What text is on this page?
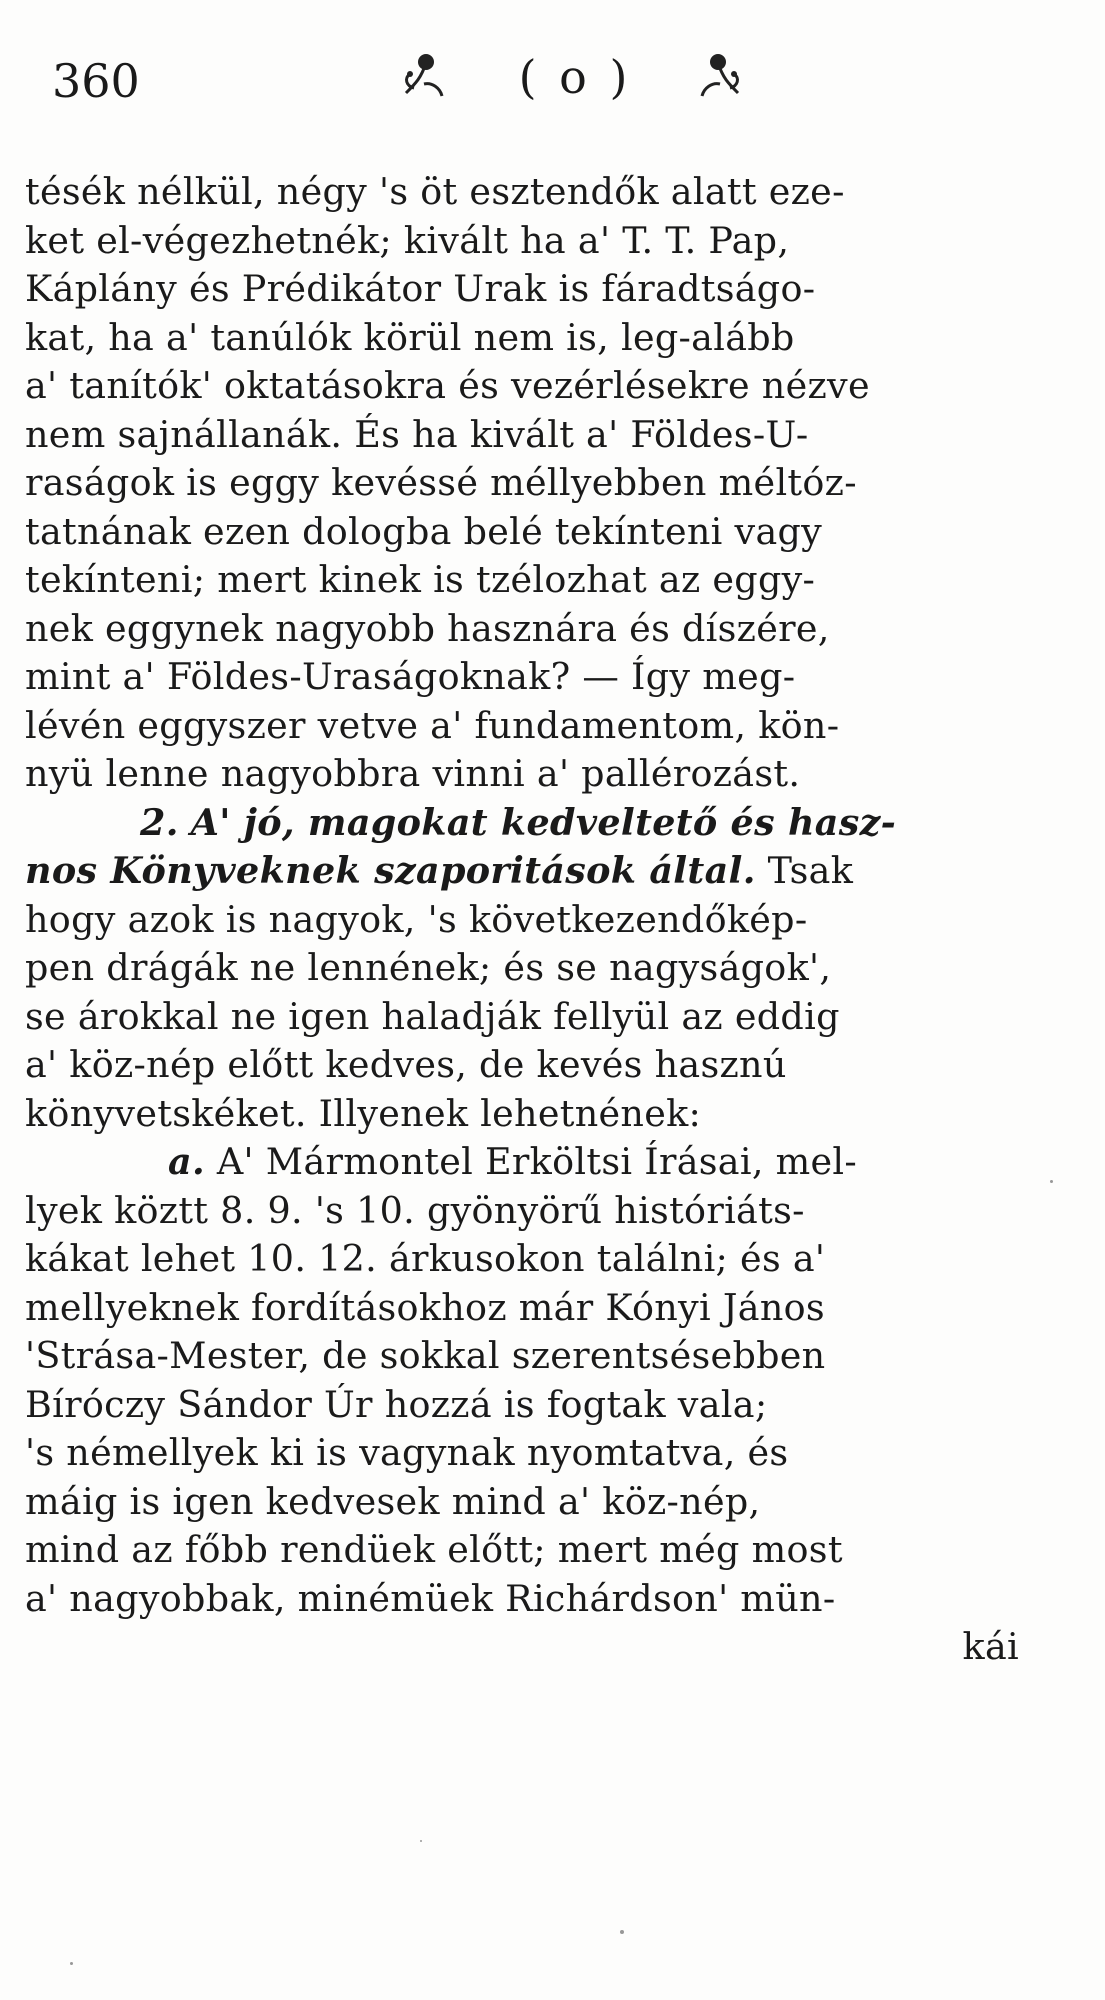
360	( o )
tésék nélkül, négy 's öt esztendők alatt eze-
ket el-végezhetnék; kivált ha a' T. T. Pap,
Káplány és Prédikátor Urak is fáradtságo-
kat, ha a' tanúlók körül nem is, leg-alább
a' tanítók' oktatásokra és vezérlésekre nézve
nem sajnállanák. És ha kivált a' Földes-U-
raságok is eggy kevéssé méllyebben méltóz-
tatnának ezen dologba belé tekínteni vagy
tekínteni; mert kinek is tzélozhat az eggy-
nek eggynek nagyobb hasznára és díszére,
mint a' Földes-Uraságoknak? — Így meg-
lévén eggyszer vetve a' fundamentom, kön-
nyü lenne nagyobbra vinni a' pallérozást.
2. A' jó, magokat kedveltető és hasz-
nos Könyveknek szaporitások által. Tsak
hogy azok is nagyok, 's következendőkép-
pen drágák ne lennének; és se nagyságok',
se árokkal ne igen haladják fellyül az eddig
a' köz-nép előtt kedves, de kevés hasznú
könyvetskéket. Illyenek lehetnének:
a. A' Mármontel Erköltsi Írásai, mel-
lyek köztt 8. 9. 's 10. gyönyörű históriáts-
kákat lehet 10. 12. árkusokon találni; és a'
mellyeknek fordításokhoz már Kónyi János
'Strása-Mester, de sokkal szerentsésebben
Bíróczy Sándor Úr hozzá is fogtak vala;
's némellyek ki is vagynak nyomtatva, és
máig is igen kedvesek mind a' köz-nép,
mind az főbb rendüek előtt; mert még most
a' nagyobbak, minémüek Richárdson' mün-
kái
